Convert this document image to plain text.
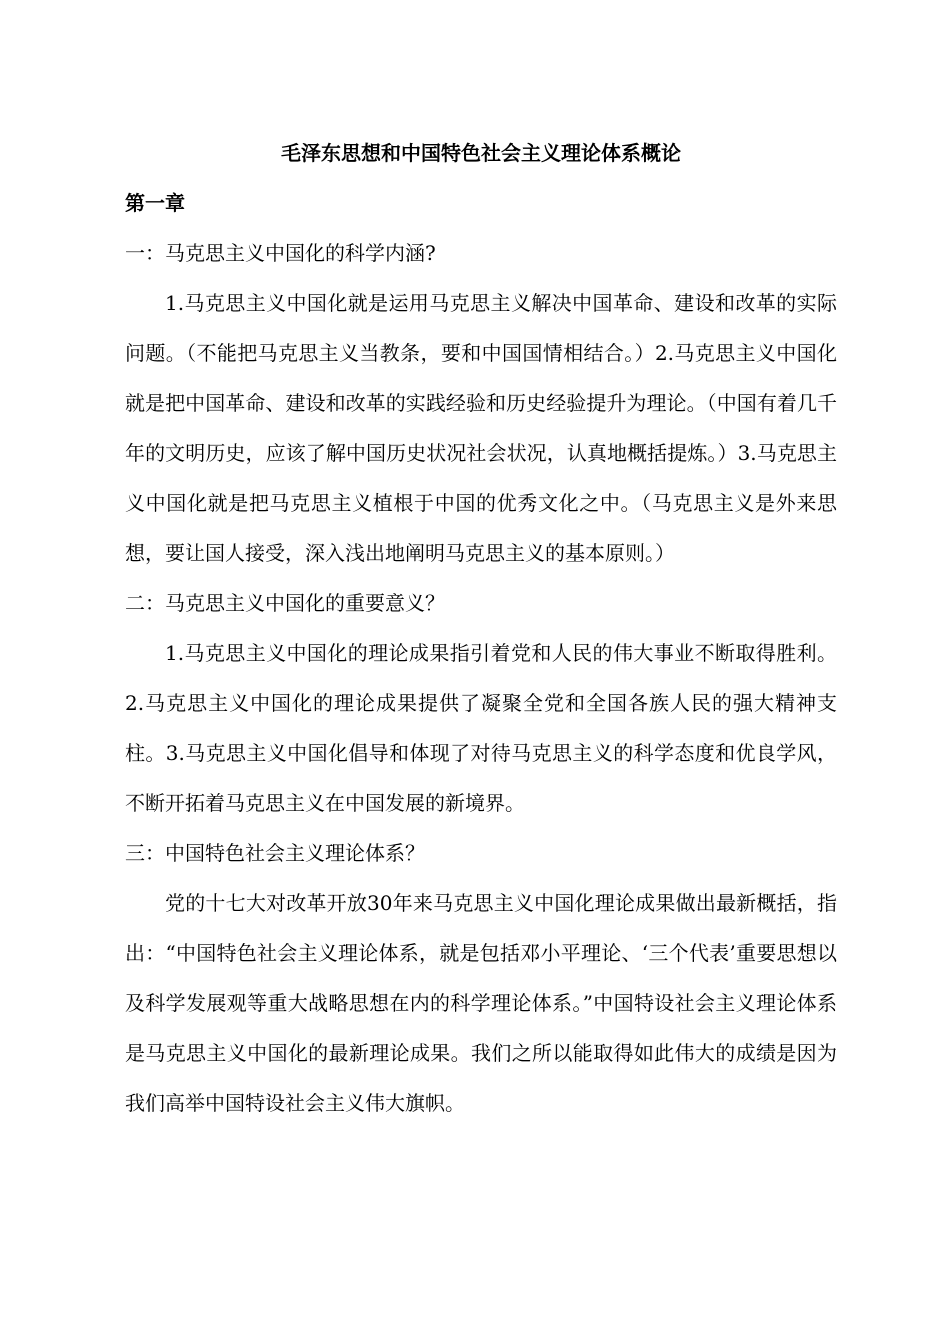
毛泽东思想和中国特色社会主义理论体系概论
第一章

一：马克思主义中国化的科学内涵?

1.马克思主义中国化就是运用马克思主义解决中国革命、建设和改革的实际问题。（不能把马克思主义当教条，要和中国国情相结合。）2.马克思主义中国化就是把中国革命、建设和改革的实践经验和历史经验提升为理论。（中国有着几千年的文明历史，应该了解中国历史状况社会状况，认真地概括提炼。）3.马克思主义中国化就是把马克思主义植根于中国的优秀文化之中。（马克思主义是外来思想，要让国人接受，深入浅出地阐明马克思主义的基本原则。）

二：马克思主义中国化的重要意义？

1.马克思主义中国化的理论成果指引着党和人民的伟大事业不断取得胜利。2.马克思主义中国化的理论成果提供了凝聚全党和全国各族人民的强大精神支柱。3.马克思主义中国化倡导和体现了对待马克思主义的科学态度和优良学风，不断开拓着马克思主义在中国发展的新境界。

三：中国特色社会主义理论体系？

党的十七大对改革开放30年来马克思主义中国化理论成果做出最新概括，指出：“中国特色社会主义理论体系，就是包括邓小平理论、‘三个代表’重要思想以及科学发展观等重大战略思想在内的科学理论体系。”中国特设社会主义理论体系是马克思主义中国化的最新理论成果。我们之所以能取得如此伟大的成绩是因为我们高举中国特设社会主义伟大旗帜。
